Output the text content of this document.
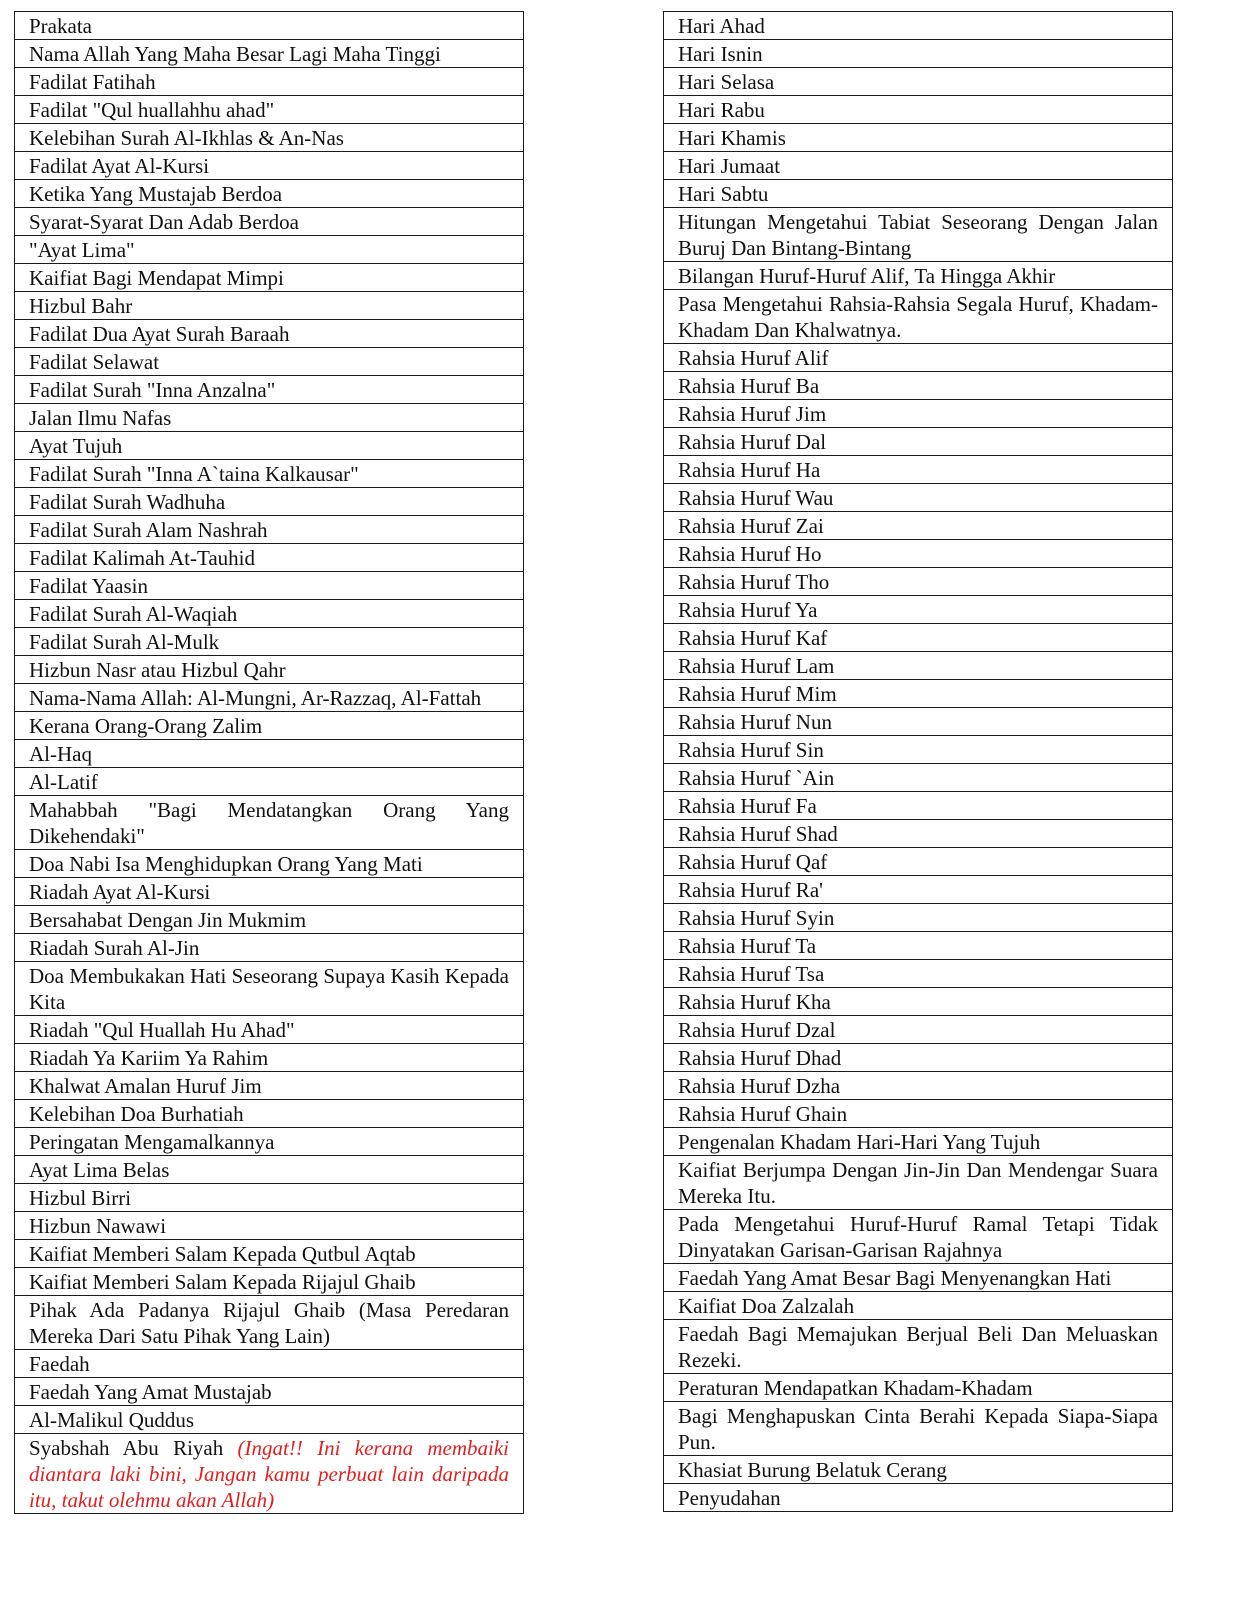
Prakata
Nama Allah Yang Maha Besar Lagi Maha Tinggi
Fadilat Fatihah
Fadilat "Qul huallahhu ahad"
Kelebihan Surah Al-Ikhlas & An-Nas
Fadilat Ayat Al-Kursi
Ketika Yang Mustajab Berdoa
Syarat-Syarat Dan Adab Berdoa
"Ayat Lima"
Kaifiat Bagi Mendapat Mimpi
Hizbul Bahr
Fadilat Dua Ayat Surah Baraah
Fadilat Selawat
Fadilat Surah "Inna Anzalna"
Jalan Ilmu Nafas
Ayat Tujuh
Fadilat Surah "Inna A`taina Kalkausar"
Fadilat Surah Wadhuha
Fadilat Surah Alam Nashrah
Fadilat Kalimah At-Tauhid
Fadilat Yaasin
Fadilat Surah Al-Waqiah
Fadilat Surah Al-Mulk
Hizbun Nasr atau Hizbul Qahr
Nama-Nama Allah: Al-Mungni, Ar-Razzaq, Al-Fattah
Kerana Orang-Orang Zalim
Al-Haq
Al-Latif
Mahabbah "Bagi Mendatangkan Orang Yang Dikehendaki"
Doa Nabi Isa Menghidupkan Orang Yang Mati
Riadah Ayat Al-Kursi
Bersahabat Dengan Jin Mukmim
Riadah Surah Al-Jin
Doa Membukakan Hati Seseorang Supaya Kasih Kepada Kita
Riadah "Qul Huallah Hu Ahad"
Riadah Ya Kariim Ya Rahim
Khalwat Amalan Huruf Jim
Kelebihan Doa Burhatiah
Peringatan Mengamalkannya
Ayat Lima Belas
Hizbul Birri
Hizbun Nawawi
Kaifiat Memberi Salam Kepada Qutbul Aqtab
Kaifiat Memberi Salam Kepada Rijajul Ghaib
Pihak Ada Padanya Rijajul Ghaib (Masa Peredaran Mereka Dari Satu Pihak Yang Lain)
Faedah
Faedah Yang Amat Mustajab
Al-Malikul Quddus
Syabshah Abu Riyah (Ingat!! Ini kerana membaiki diantara laki bini, Jangan kamu perbuat lain daripada itu, takut olehmu akan Allah)
Hari Ahad
Hari Isnin
Hari Selasa
Hari Rabu
Hari Khamis
Hari Jumaat
Hari Sabtu
Hitungan Mengetahui Tabiat Seseorang Dengan Jalan Buruj Dan Bintang-Bintang
Bilangan Huruf-Huruf Alif, Ta Hingga Akhir
Pasa Mengetahui Rahsia-Rahsia Segala Huruf, Khadam-Khadam Dan Khalwatnya.
Rahsia Huruf Alif
Rahsia Huruf Ba
Rahsia Huruf Jim
Rahsia Huruf Dal
Rahsia Huruf Ha
Rahsia Huruf Wau
Rahsia Huruf Zai
Rahsia Huruf Ho
Rahsia Huruf Tho
Rahsia Huruf Ya
Rahsia Huruf Kaf
Rahsia Huruf Lam
Rahsia Huruf Mim
Rahsia Huruf Nun
Rahsia Huruf Sin
Rahsia Huruf `Ain
Rahsia Huruf Fa
Rahsia Huruf Shad
Rahsia Huruf Qaf
Rahsia Huruf Ra'
Rahsia Huruf Syin
Rahsia Huruf Ta
Rahsia Huruf Tsa
Rahsia Huruf Kha
Rahsia Huruf Dzal
Rahsia Huruf Dhad
Rahsia Huruf Dzha
Rahsia Huruf Ghain
Pengenalan Khadam Hari-Hari Yang Tujuh
Kaifiat Berjumpa Dengan Jin-Jin Dan Mendengar Suara Mereka Itu.
Pada Mengetahui Huruf-Huruf Ramal Tetapi Tidak Dinyatakan Garisan-Garisan Rajahnya
Faedah Yang Amat Besar Bagi Menyenangkan Hati
Kaifiat Doa Zalzalah
Faedah Bagi Memajukan Berjual Beli Dan Meluaskan Rezeki.
Peraturan Mendapatkan Khadam-Khadam
Bagi Menghapuskan Cinta Berahi Kepada Siapa-Siapa Pun.
Khasiat Burung Belatuk Cerang
Penyudahan
